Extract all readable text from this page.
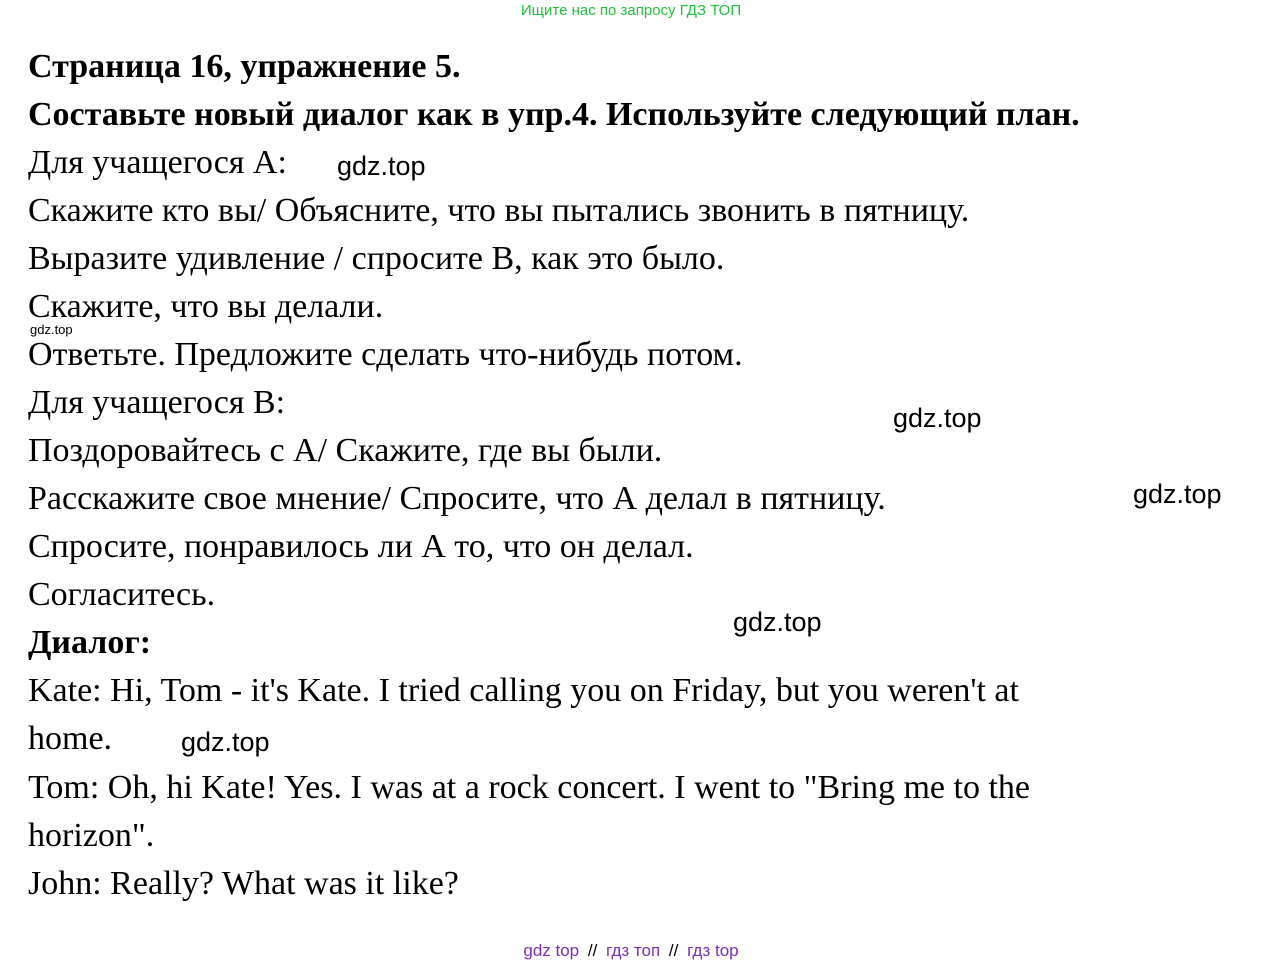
Ищите нас по запросу ГДЗ ТОП
Страница 16, упражнение 5.
Составьте новый диалог как в упр.4. Используйте следующий план.
Для учащегося А:
Скажите кто вы/ Объясните, что вы пытались звонить в пятницу.
Выразите удивление / спросите В, как это было.
Скажите, что вы делали.
Ответьте. Предложите сделать что-нибудь потом.
Для учащегося В:
Поздоровайтесь с А/ Скажите, где вы были.
Расскажите свое мнение/ Спросите, что А делал в пятницу.
Спросите, понравилось ли А то, что он делал.
Согласитесь.
Диалог:
Kate: Hi, Tom - it's Kate. I tried calling you on Friday, but you weren't at
home.
Tom: Oh, hi Kate! Yes. I was at a rock concert. I went to "Bring me to the
horizon".
John: Really? What was it like?
gdz.top
gdz.top
gdz.top
gdz.top
gdz.top
gdz.top
gdz top // гдз топ // гдз top
